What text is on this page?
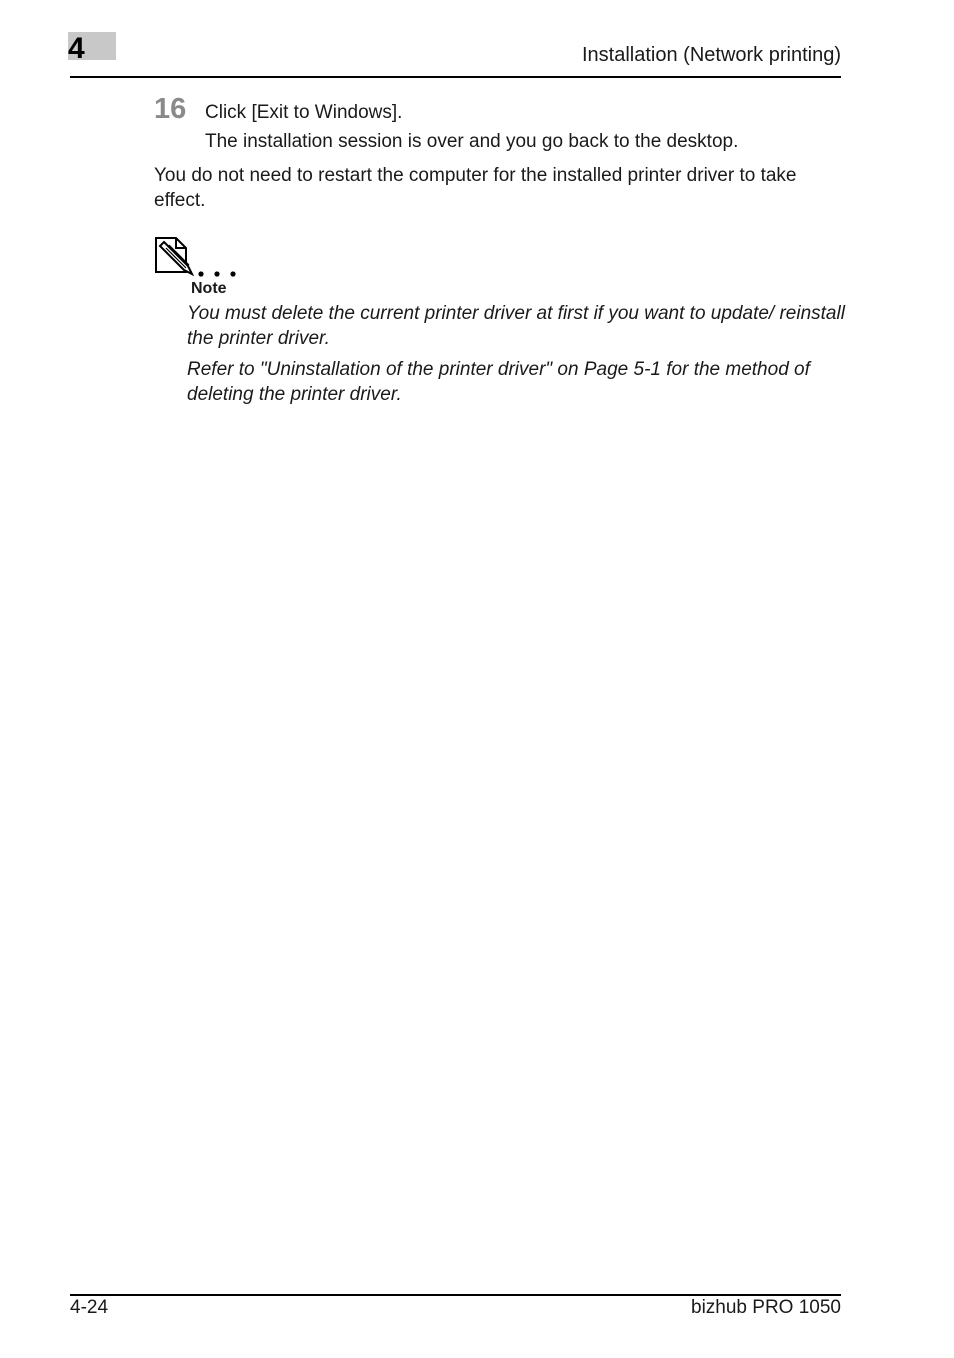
4	Installation (Network printing)
16 Click [Exit to Windows].
The installation session is over and you go back to the desktop.
You do not need to restart the computer for the installed printer driver to take effect.
Note
You must delete the current printer driver at first if you want to update/ reinstall the printer driver.
Refer to "Uninstallation of the printer driver" on Page 5-1 for the method of deleting the printer driver.
4-24	bizhub PRO 1050
